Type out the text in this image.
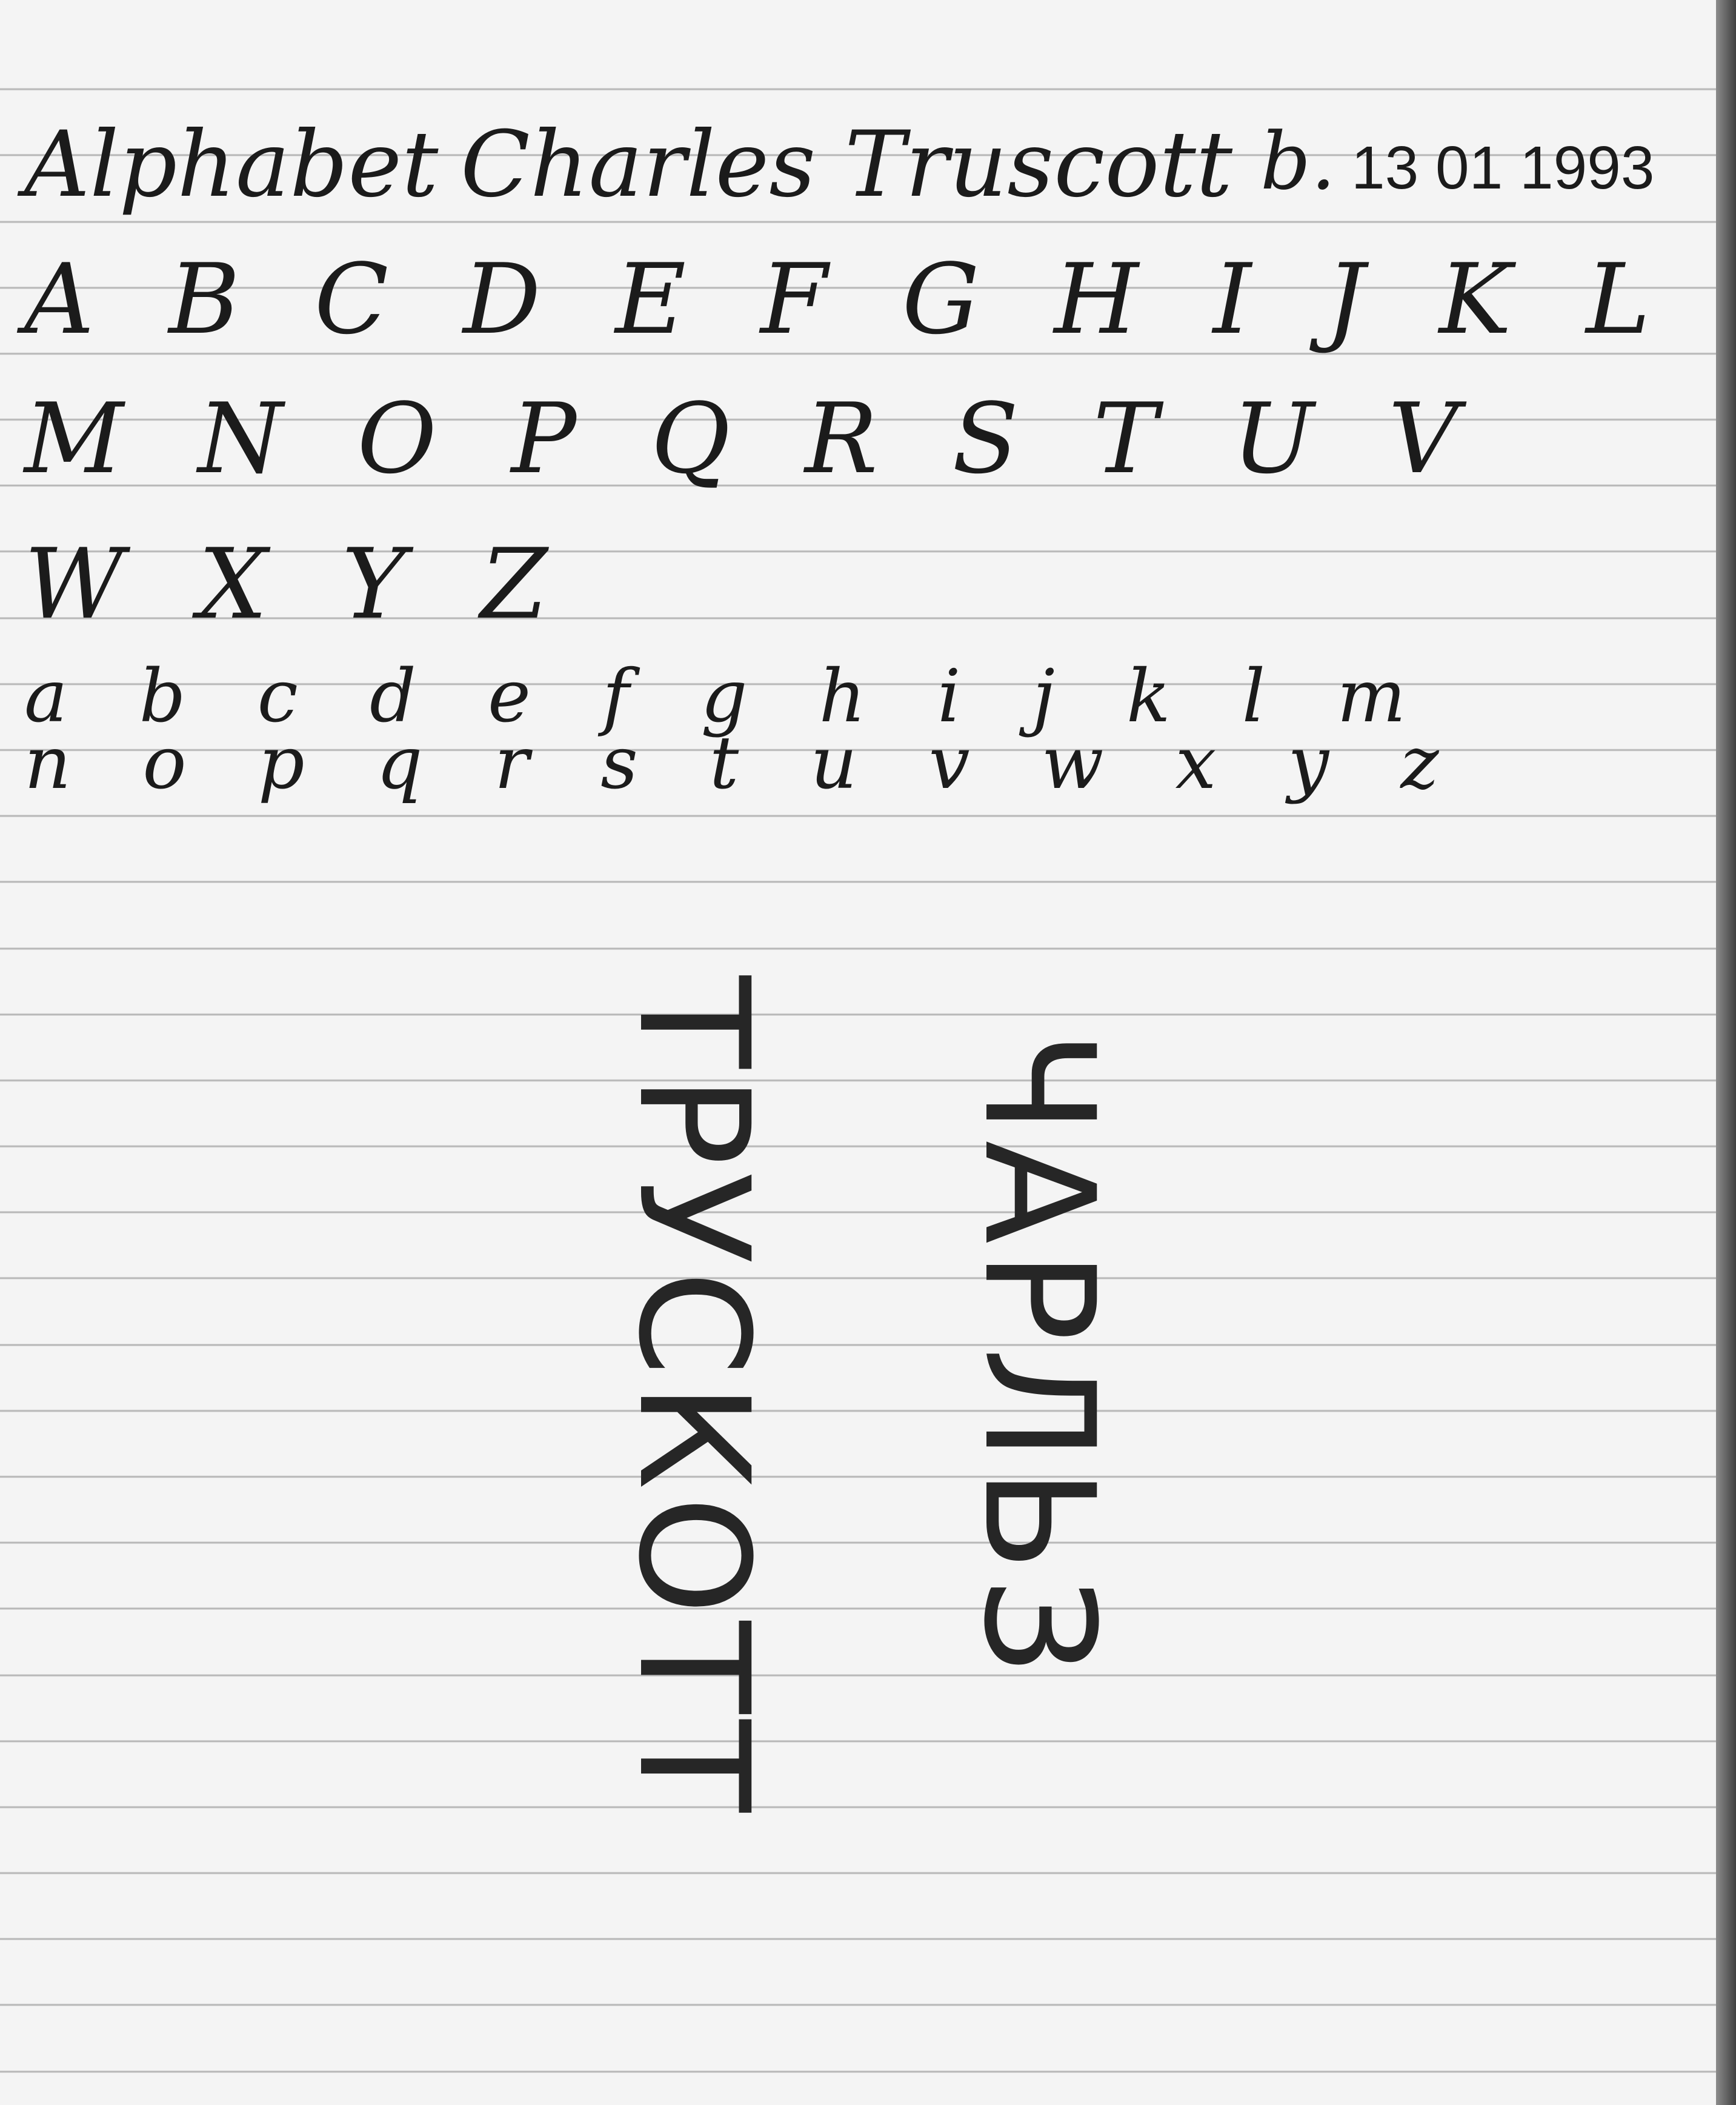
Alphabet Charles Truscott b. 13 01 1993
A B C D E F G H I J K L
M N O P Q R S T U V
W X Y Z
a b c d e f g h i j k l m
n o p q r s t u v w x y z
ЧАРЛЬЗ
ТРУСКОТТ
